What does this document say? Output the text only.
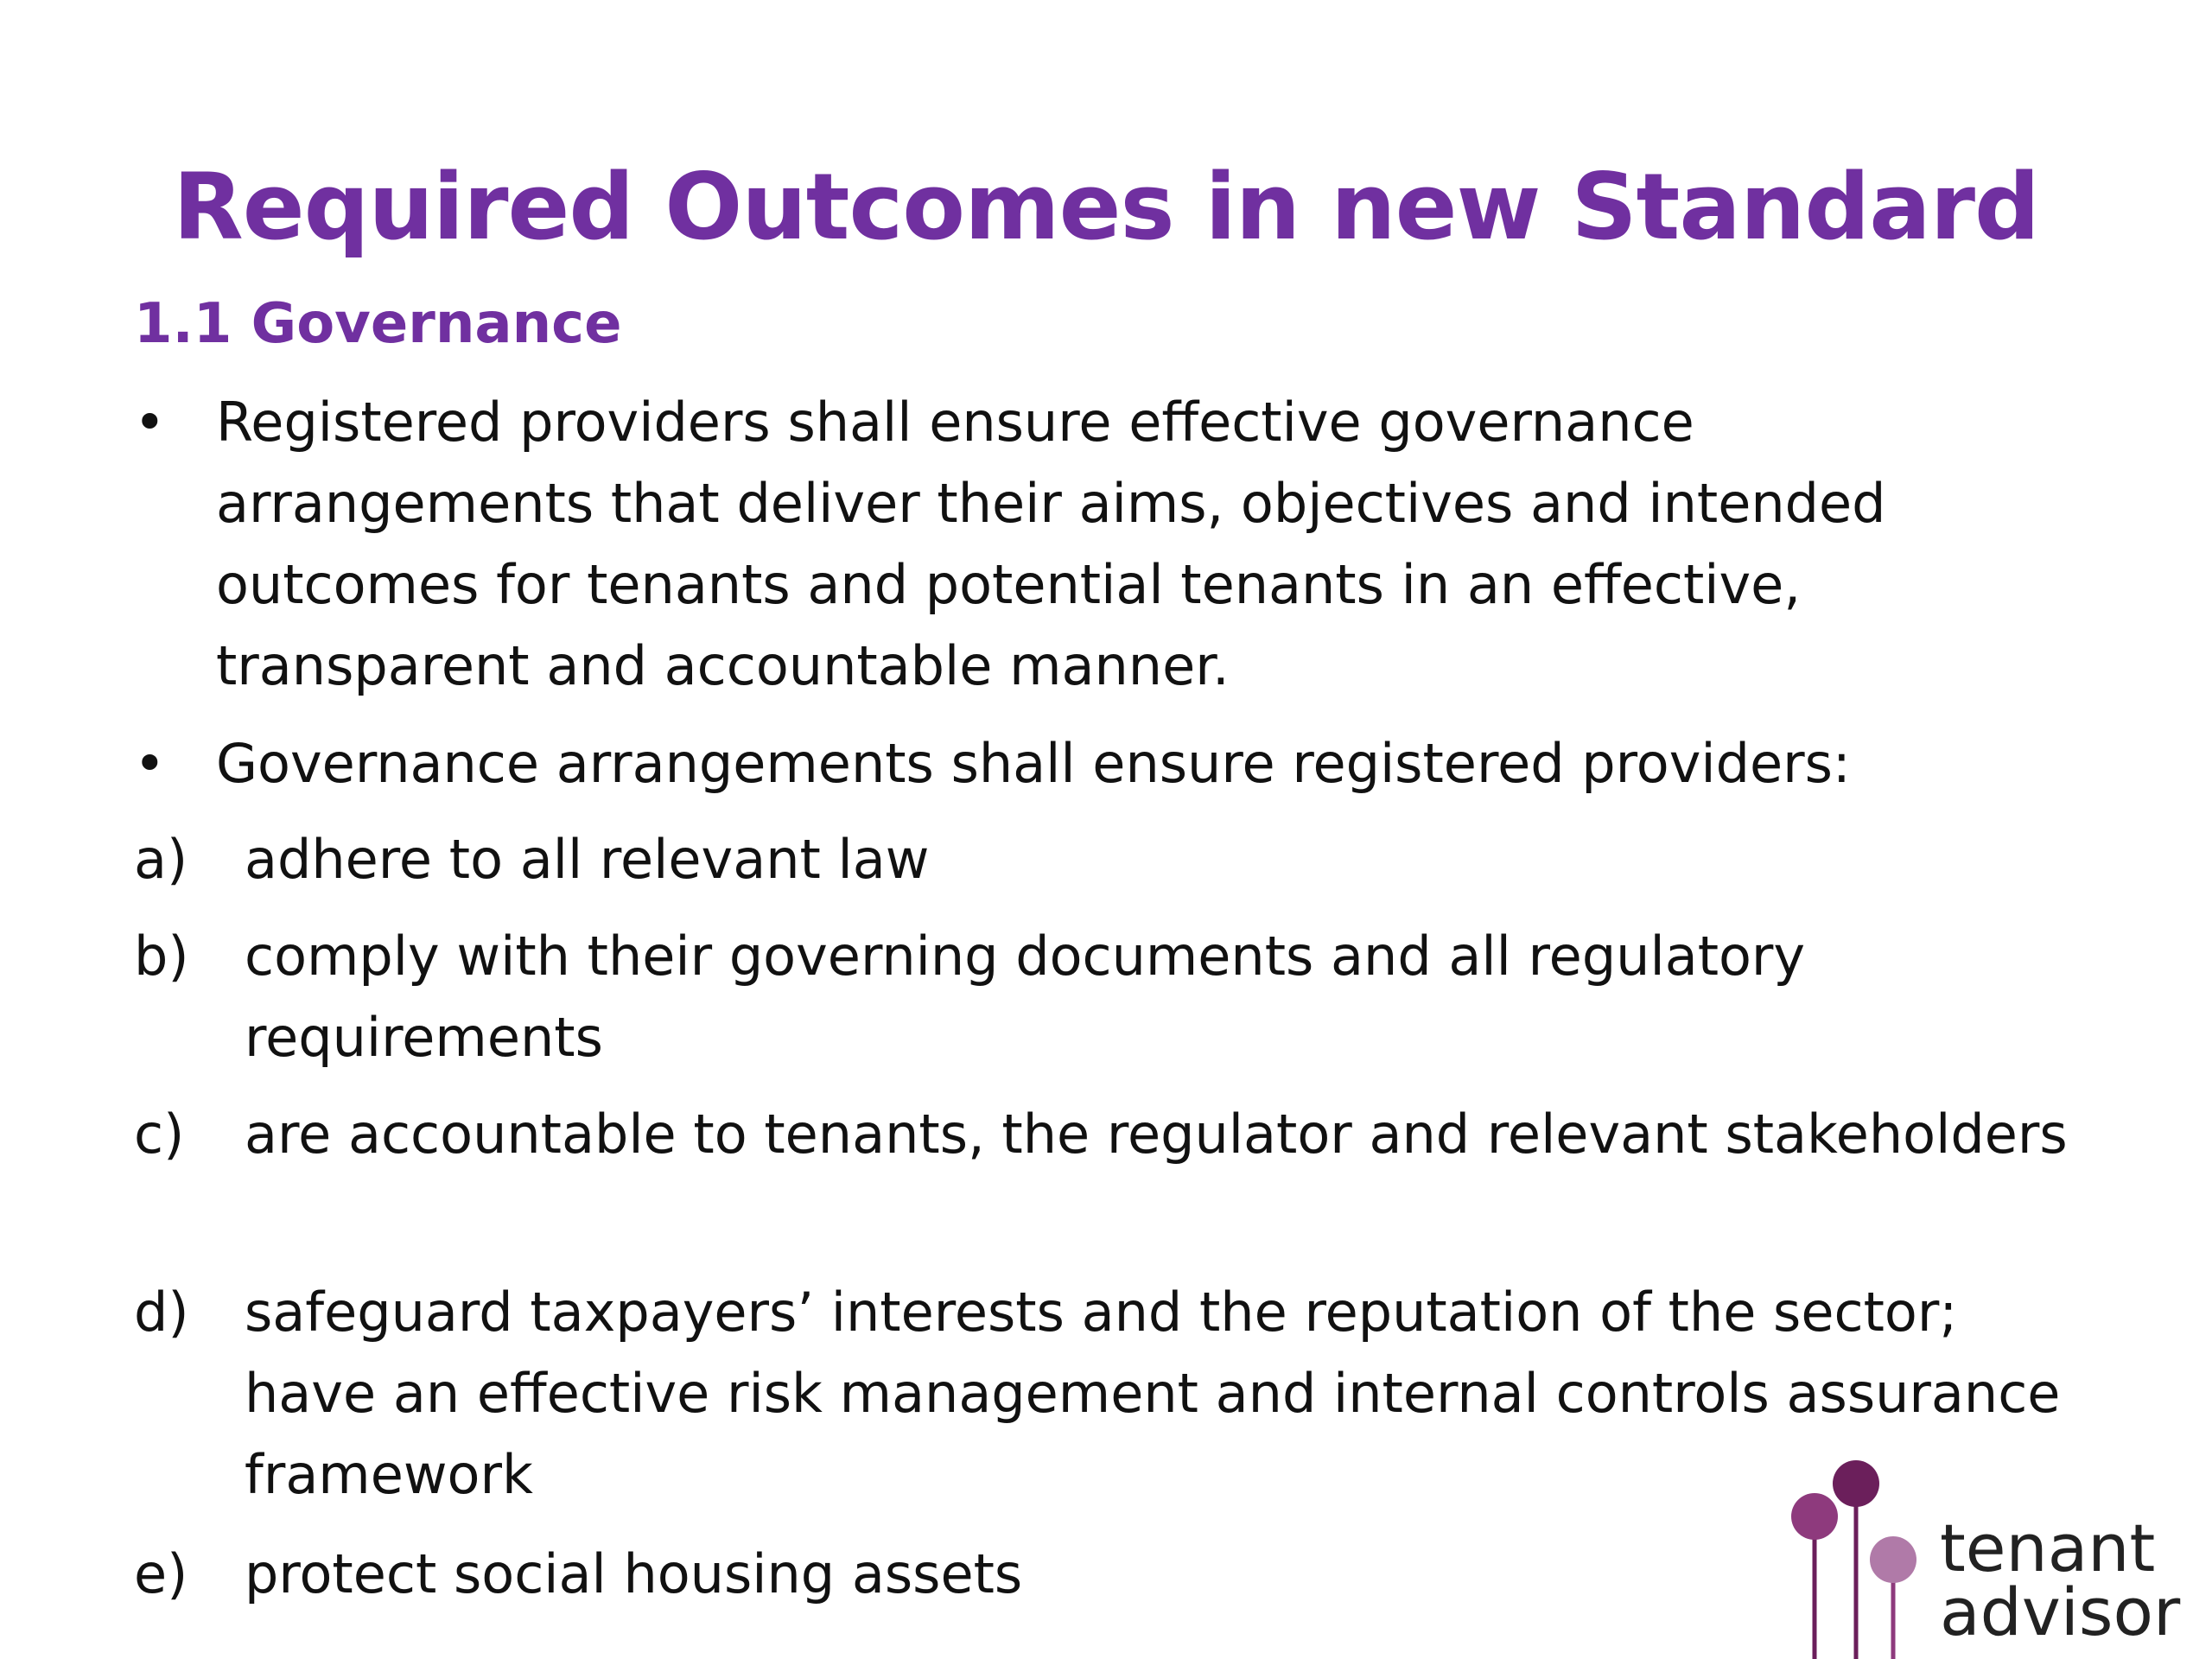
Required Outcomes in new Standard
1.1 Governance
• Registered providers shall ensure effective governance arrangements that deliver their aims, objectives and intended outcomes for tenants and potential tenants in an effective, transparent and accountable manner.
• Governance arrangements shall ensure registered providers:
a)	adhere to all relevant law
b)	comply with their governing documents and all regulatory requirements
c)	are accountable to tenants, the regulator and relevant stakeholders
d)	safeguard taxpayers’ interests and the reputation of the sector; have an effective risk management and internal controls assurance framework
e)	protect social housing assets	tenant
advisor
